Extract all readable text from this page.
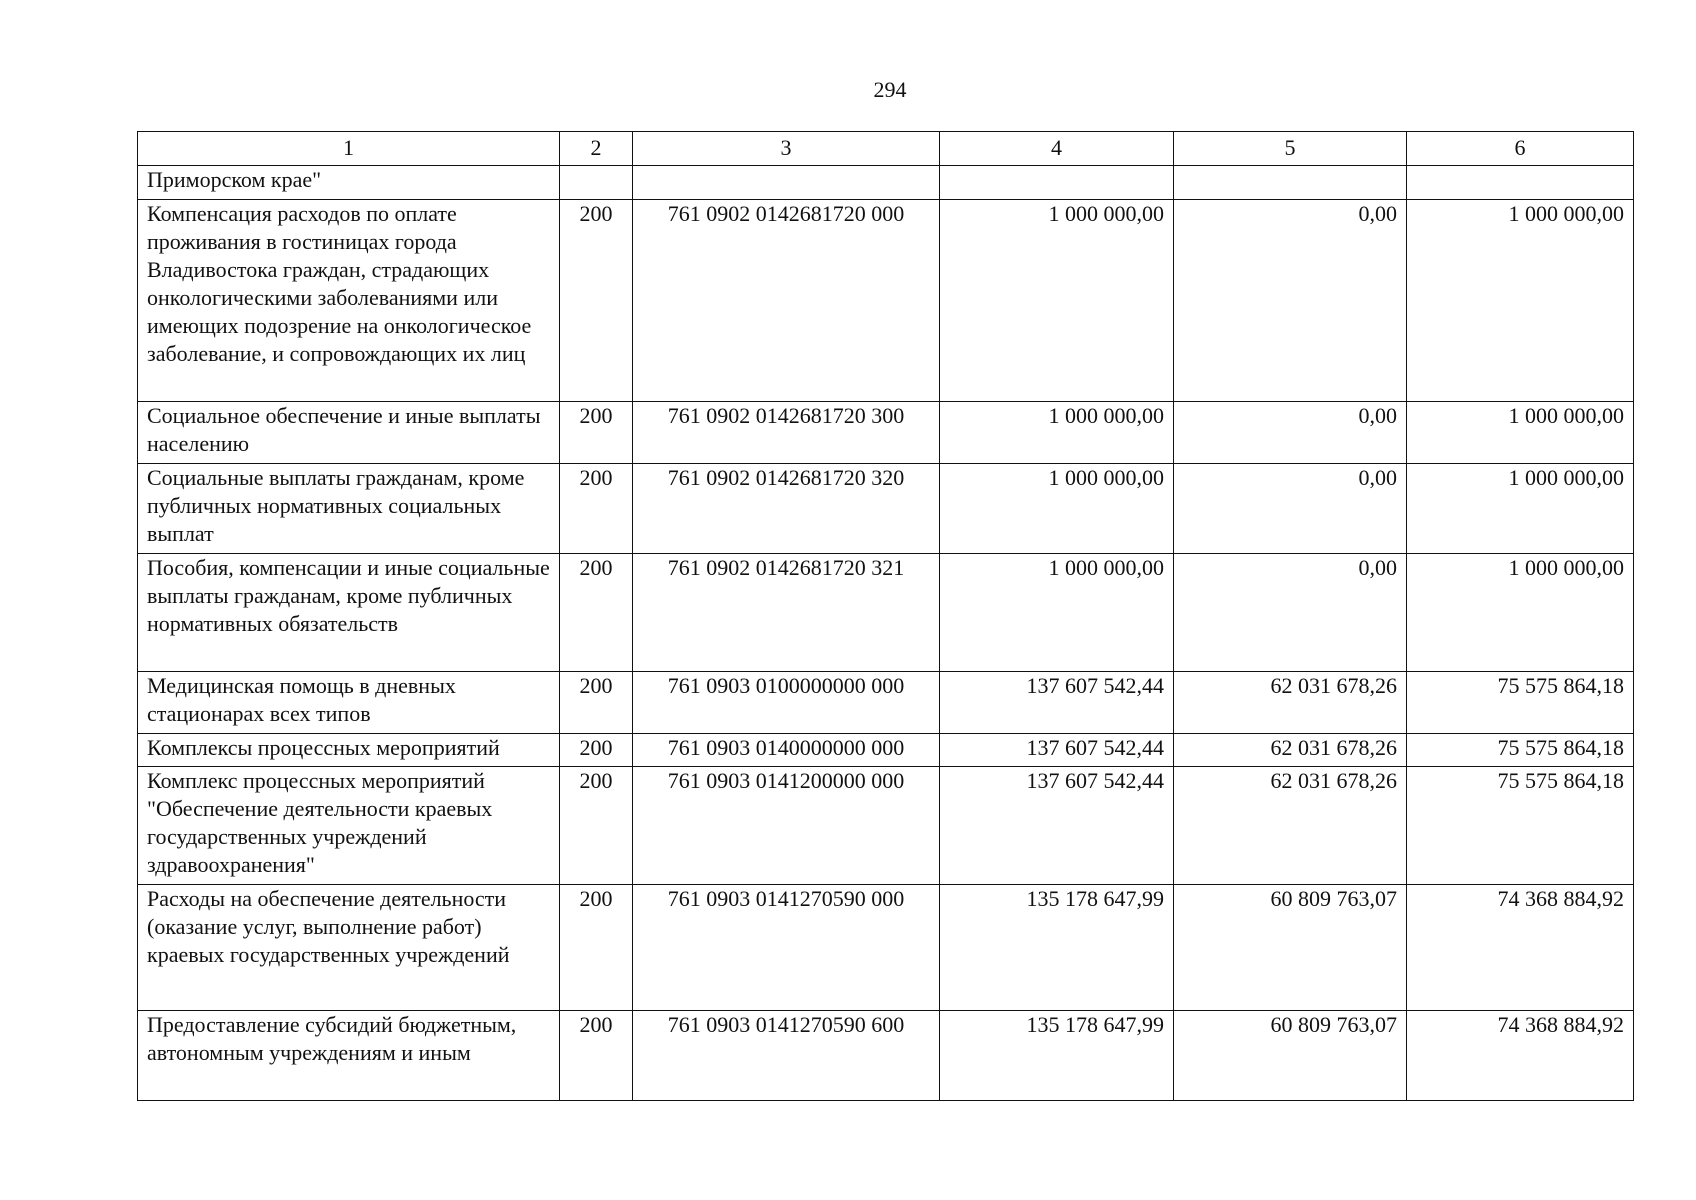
294
1	2	3	4	5	6
Приморском крае"					
Компенсация расходов по оплате проживания в гостиницах города Владивостока граждан, страдающих онкологическими заболеваниями или имеющих подозрение на онкологическое заболевание, и сопровождающих их лиц	200	761 0902 0142681720 000	1 000 000,00	0,00	1 000 000,00
Социальное обеспечение и иные выплаты населению	200	761 0902 0142681720 300	1 000 000,00	0,00	1 000 000,00
Социальные выплаты гражданам, кроме публичных нормативных социальных выплат	200	761 0902 0142681720 320	1 000 000,00	0,00	1 000 000,00
Пособия, компенсации и иные социальные выплаты гражданам, кроме публичных нормативных обязательств	200	761 0902 0142681720 321	1 000 000,00	0,00	1 000 000,00
Медицинская помощь в дневных стационарах всех типов	200	761 0903 0100000000 000	137 607 542,44	62 031 678,26	75 575 864,18
Комплексы процессных мероприятий	200	761 0903 0140000000 000	137 607 542,44	62 031 678,26	75 575 864,18
Комплекс процессных мероприятий "Обеспечение деятельности краевых государственных учреждений здравоохранения"	200	761 0903 0141200000 000	137 607 542,44	62 031 678,26	75 575 864,18
Расходы на обеспечение деятельности (оказание услуг, выполнение работ) краевых государственных учреждений	200	761 0903 0141270590 000	135 178 647,99	60 809 763,07	74 368 884,92
Предоставление субсидий бюджетным, автономным учреждениям и иным	200	761 0903 0141270590 600	135 178 647,99	60 809 763,07	74 368 884,92
